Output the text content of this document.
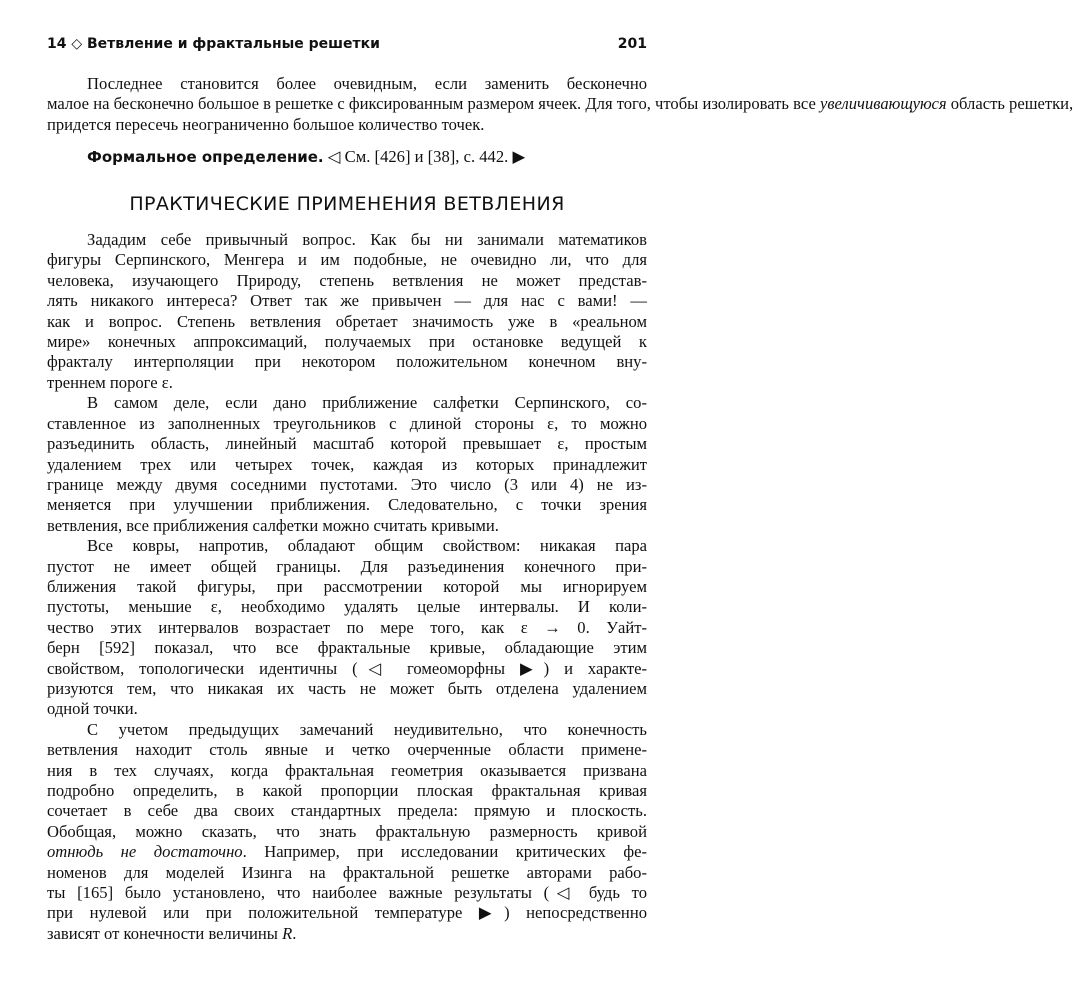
14 ◇ Ветвление и фрактальные решетки	201
Последнее становится более очевидным, если заменить бесконечно
малое на бесконечно большое в решетке с фиксированным размером ячеек. Для того, чтобы изолировать все увеличивающуюся область решетки,
придется пересечь неограниченно большое количество точек.
Формальное определение. ◁ См. [426] и [38], с. 442. ▶
ПРАКТИЧЕСКИЕ ПРИМЕНЕНИЯ ВЕТВЛЕНИЯ
Зададим себе привычный вопрос. Как бы ни занимали математиков
фигуры Серпинского, Менгера и им подобные, не очевидно ли, что для
человека, изучающего Природу, степень ветвления не может представ-
лять никакого интереса? Ответ так же привычен — для нас с вами! —
как и вопрос. Степень ветвления обретает значимость уже в «реальном
мире» конечных аппроксимаций, получаемых при остановке ведущей к
фракталу интерполяции при некотором положительном конечном вну-
треннем пороге ε.
В самом деле, если дано приближение салфетки Серпинского, со-
ставленное из заполненных треугольников с длиной стороны ε, то можно
разъединить область, линейный масштаб которой превышает ε, простым
удалением трех или четырех точек, каждая из которых принадлежит
границе между двумя соседними пустотами. Это число (3 или 4) не из-
меняется при улучшении приближения. Следовательно, с точки зрения
ветвления, все приближения салфетки можно считать кривыми.
Все ковры, напротив, обладают общим свойством: никакая пара
пустот не имеет общей границы. Для разъединения конечного при-
ближения такой фигуры, при рассмотрении которой мы игнорируем
пустоты, меньшие ε, необходимо удалять целые интервалы. И коли-
чество этих интервалов возрастает по мере того, как ε → 0. Уайт-
берн [592] показал, что все фрактальные кривые, обладающие этим
свойством, топологически идентичны (◁ гомеоморфны ▶) и характе-
ризуются тем, что никакая их часть не может быть отделена удалением
одной точки.
С учетом предыдущих замечаний неудивительно, что конечность
ветвления находит столь явные и четко очерченные области примене-
ния в тех случаях, когда фрактальная геометрия оказывается призвана
подробно определить, в какой пропорции плоская фрактальная кривая
сочетает в себе два своих стандартных предела: прямую и плоскость.
Обобщая, можно сказать, что знать фрактальную размерность кривой
отнюдь не достаточно. Например, при исследовании критических фе-
номенов для моделей Изинга на фрактальной решетке авторами рабо-
ты [165] было установлено, что наиболее важные результаты (◁ будь то
при нулевой или при положительной температуре ▶) непосредственно
зависят от конечности величины R.
